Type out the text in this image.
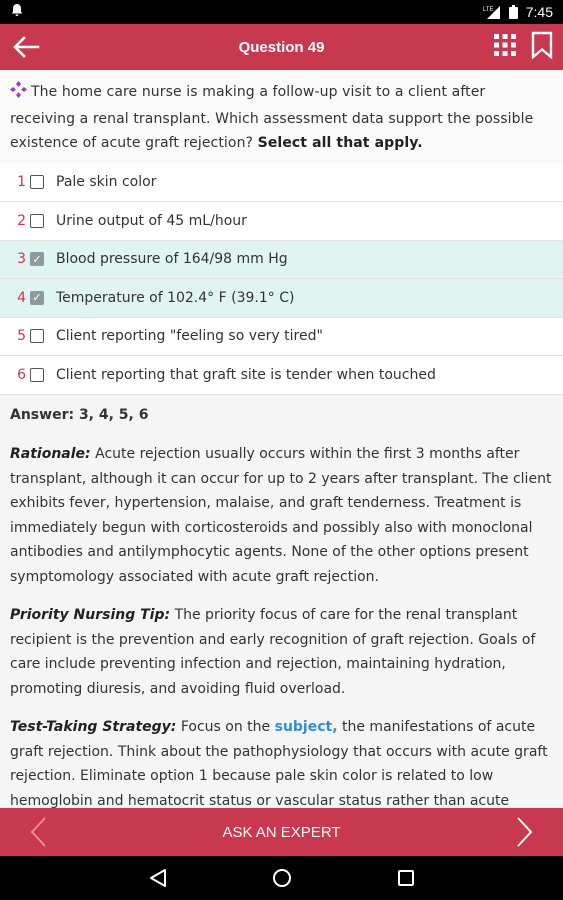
LTE 7:45
Question 49
The home care nurse is making a follow-up visit to a client after receiving a renal transplant. Which assessment data support the possible existence of acute graft rejection? Select all that apply.
1 Pale skin color
2 Urine output of 45 mL/hour
3 ✓ Blood pressure of 164/98 mm Hg
4 ✓ Temperature of 102.4° F (39.1° C)
5 Client reporting "feeling so very tired"
6 Client reporting that graft site is tender when touched
Answer: 3, 4, 5, 6

Rationale: Acute rejection usually occurs within the first 3 months after transplant, although it can occur for up to 2 years after transplant. The client exhibits fever, hypertension, malaise, and graft tenderness. Treatment is immediately begun with corticosteroids and possibly also with monoclonal antibodies and antilymphocytic agents. None of the other options present symptomology associated with acute graft rejection.

Priority Nursing Tip: The priority focus of care for the renal transplant recipient is the prevention and early recognition of graft rejection. Goals of care include preventing infection and rejection, maintaining hydration, promoting diuresis, and avoiding fluid overload.

Test-Taking Strategy: Focus on the subject, the manifestations of acute graft rejection. Think about the pathophysiology that occurs with acute graft rejection. Eliminate option 1 because pale skin color is related to low hemoglobin and hematocrit status or vascular status rather than acute

ASK AN EXPERT
